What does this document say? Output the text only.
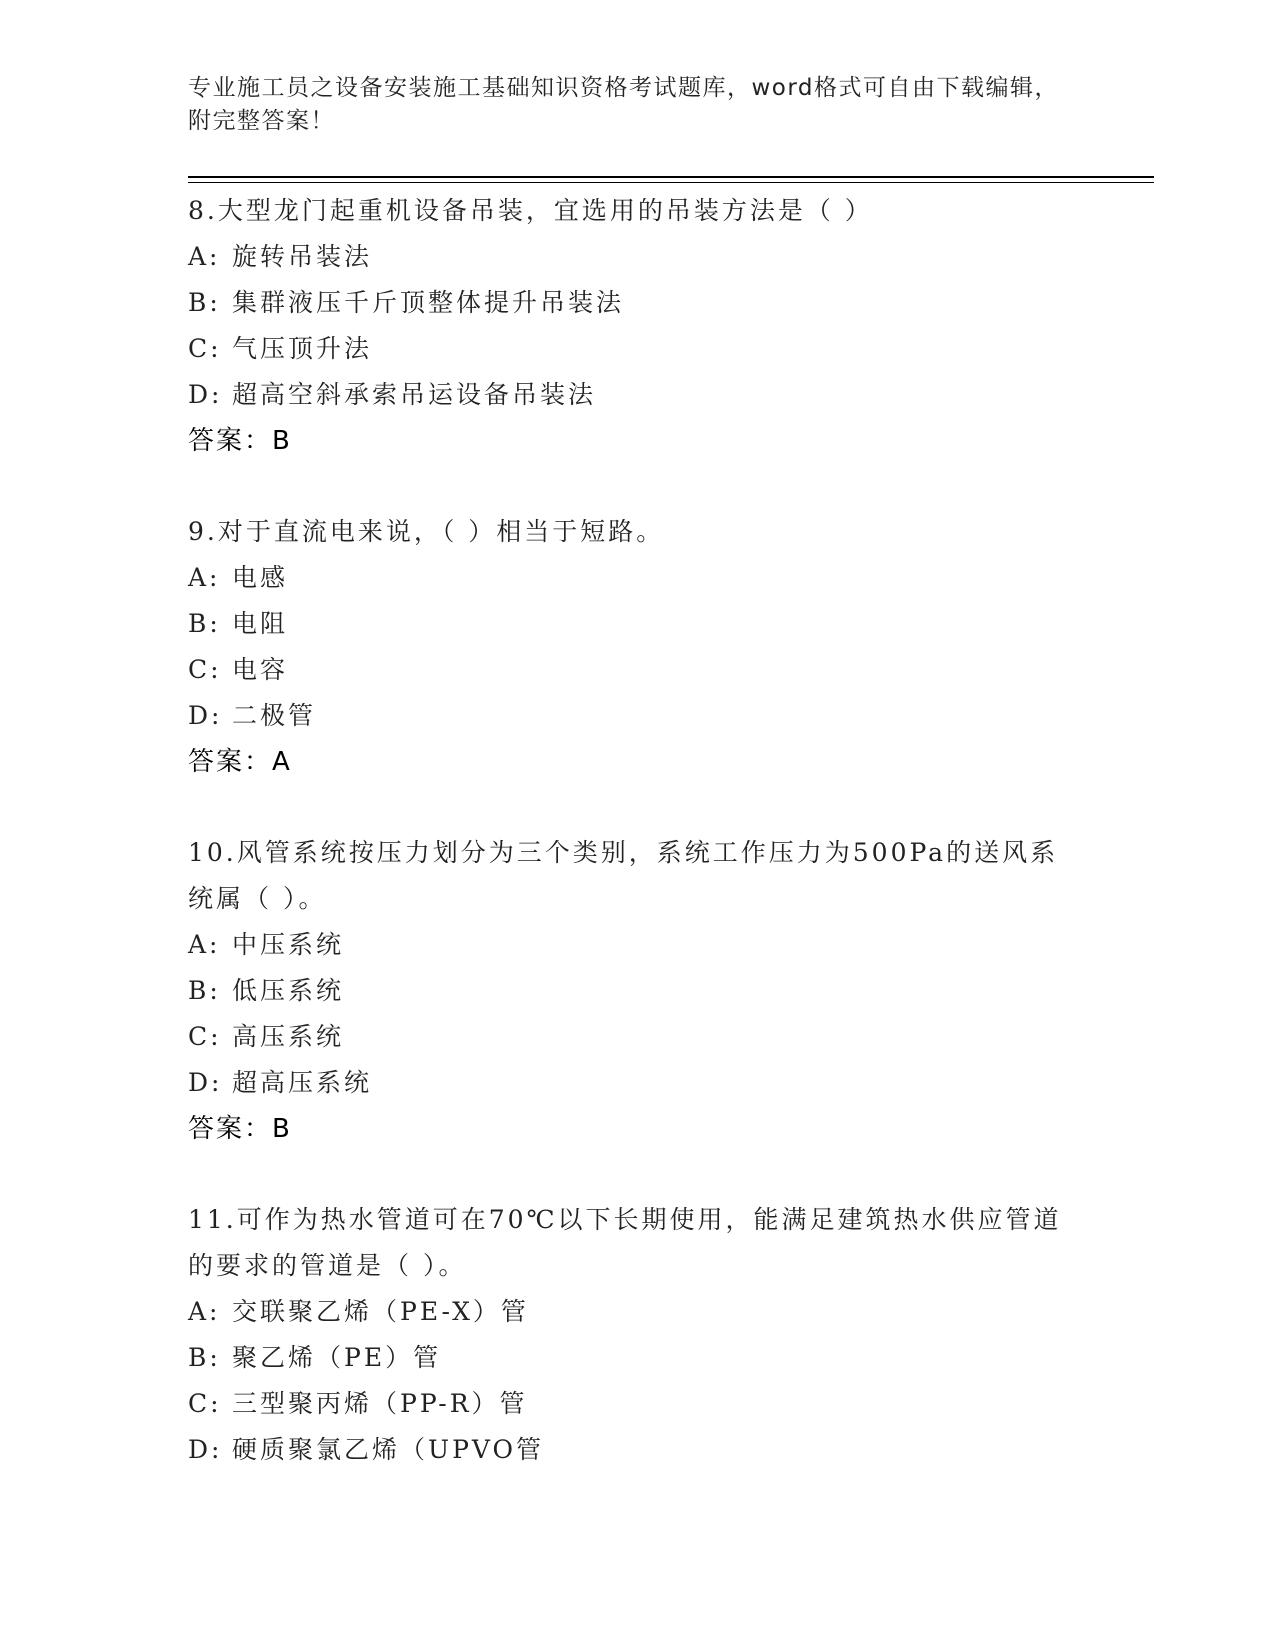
专业施工员之设备安装施工基础知识资格考试题库，word格式可自由下载编辑，
附完整答案！
8.大型龙门起重机设备吊装，宜选用的吊装方法是（ ）
A: 旋转吊装法
B: 集群液压千斤顶整体提升吊装法
C: 气压顶升法
D: 超高空斜承索吊运设备吊装法
答案：B
9.对于直流电来说，（ ）相当于短路。
A: 电感
B: 电阻
C: 电容
D: 二极管
答案：A
10.风管系统按压力划分为三个类别，系统工作压力为500Pa的送风系
统属（ ）。
A: 中压系统
B: 低压系统
C: 高压系统
D: 超高压系统
答案：B
11.可作为热水管道可在70℃以下长期使用，能满足建筑热水供应管道
的要求的管道是（ ）。
A: 交联聚乙烯（PE-X）管
B: 聚乙烯（PE）管
C: 三型聚丙烯（PP-R）管
D: 硬质聚氯乙烯（UPVO管
